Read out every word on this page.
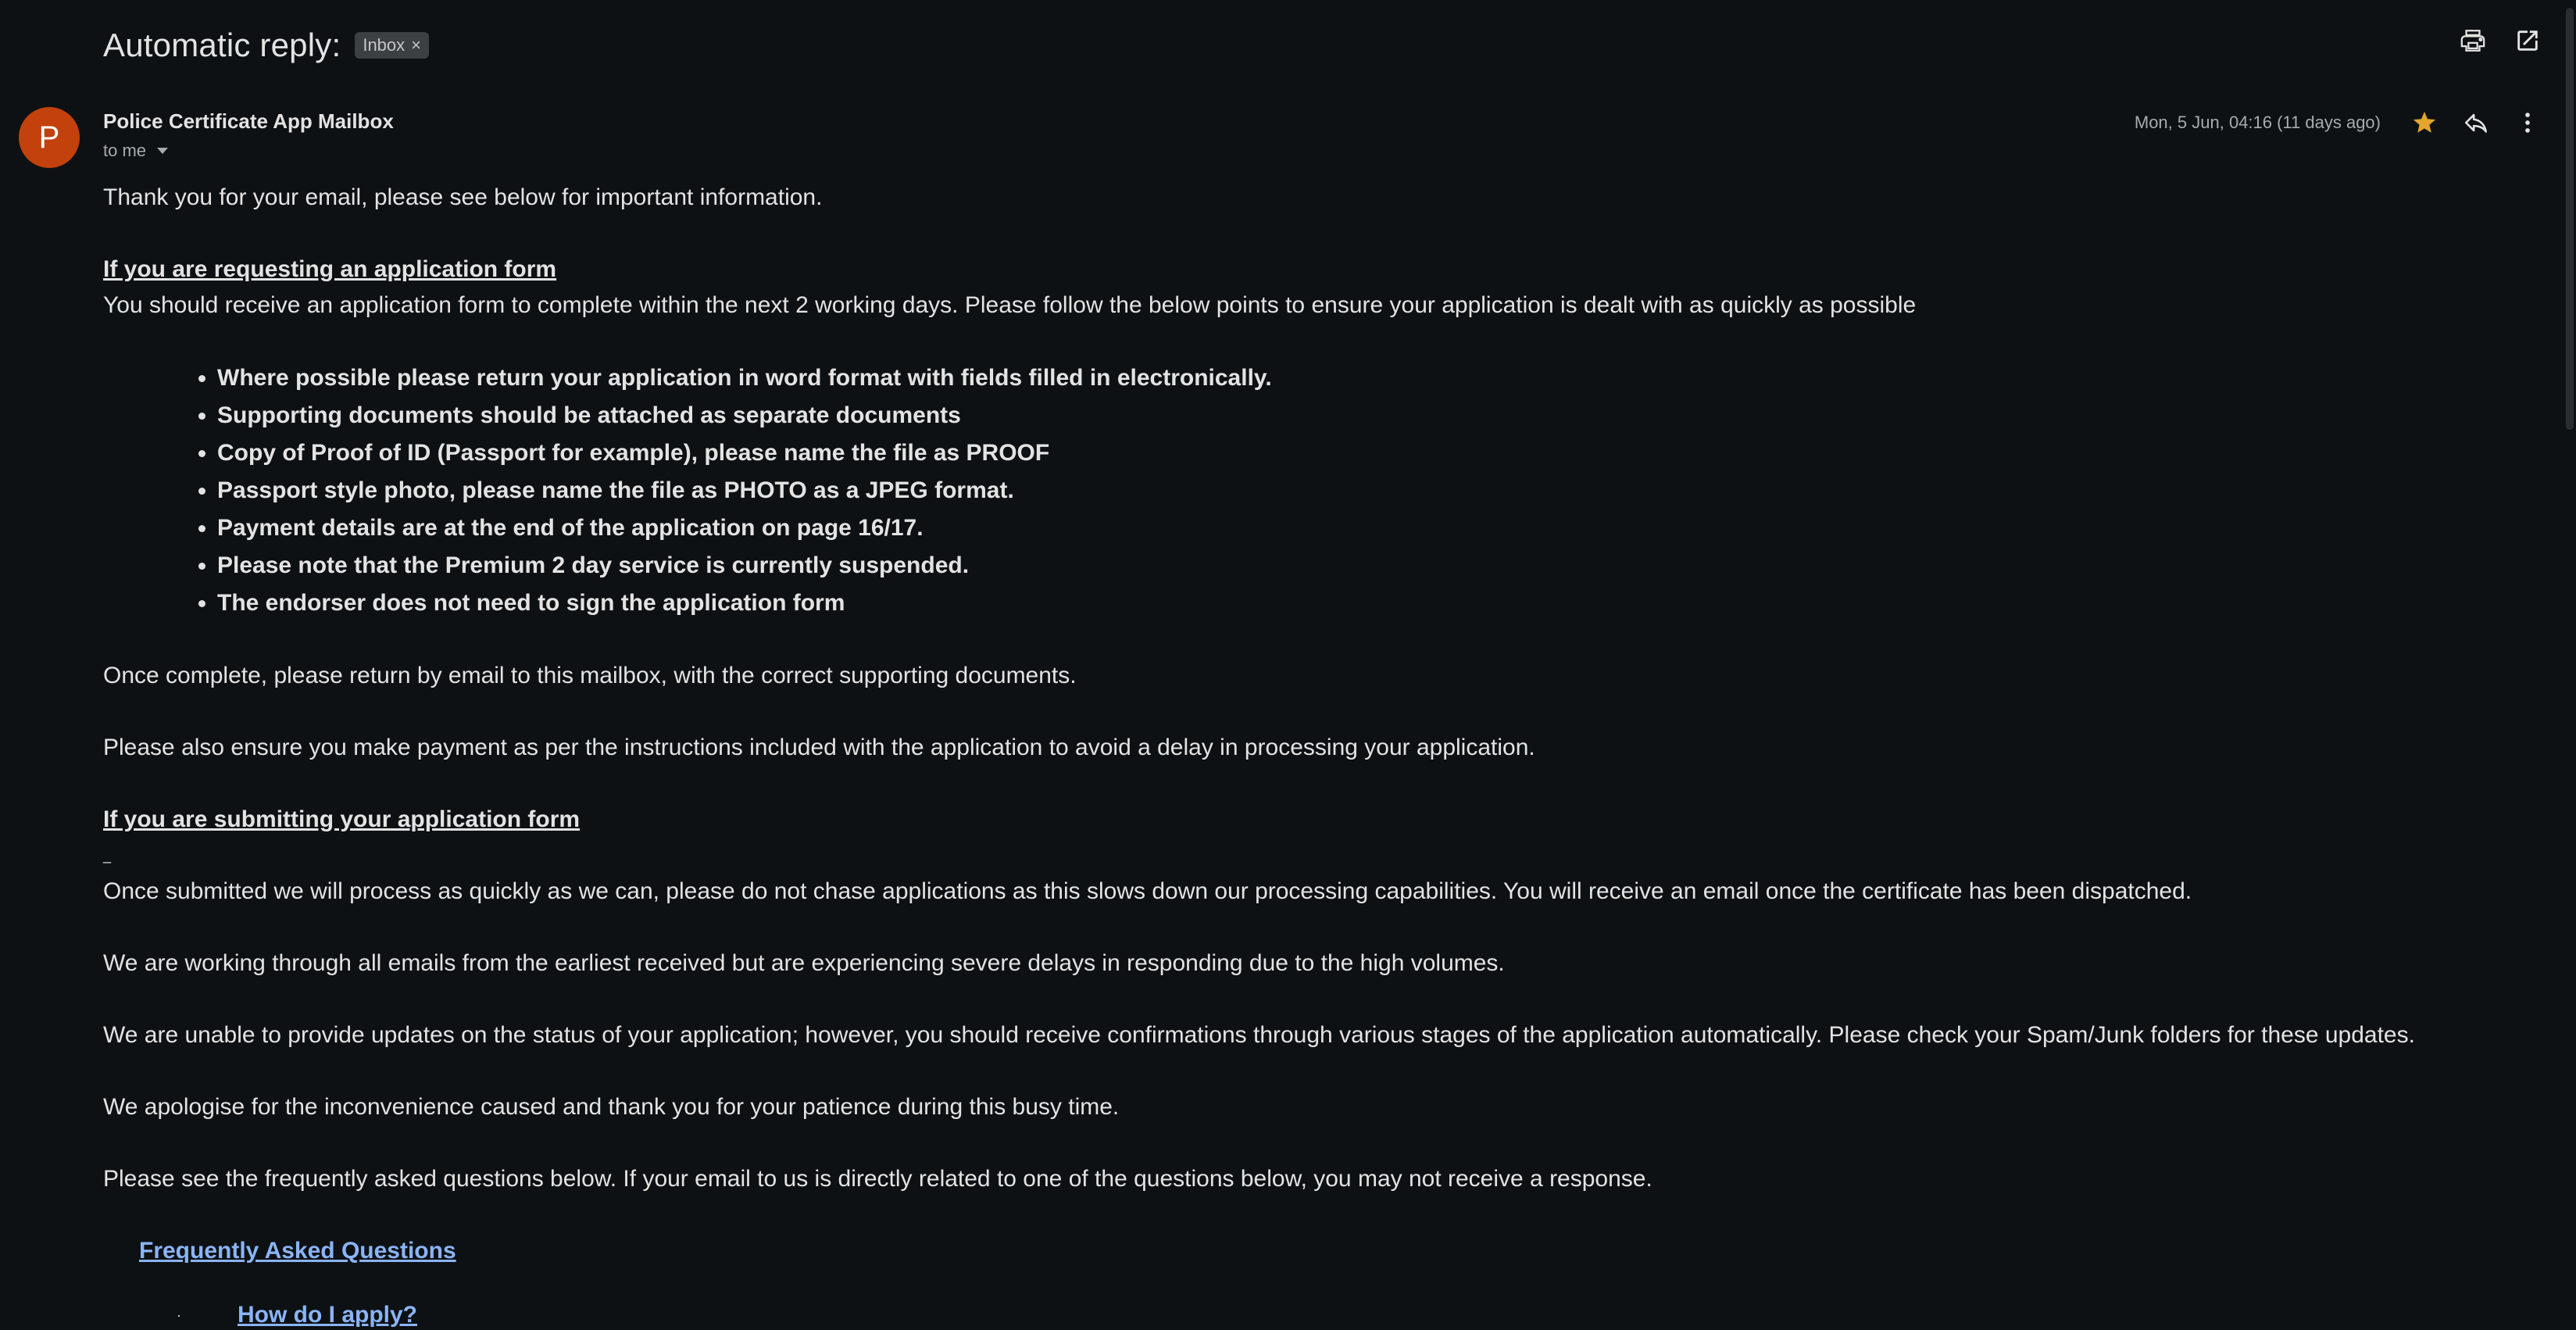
Automatic reply: Inbox ×
P Police Certificate App Mailbox
to me
Mon, 5 Jun, 04:16 (11 days ago)

Thank you for your email, please see below for important information.

If you are requesting an application form

You should receive an application form to complete within the next 2 working days. Please follow the below points to ensure your application is dealt with as quickly as possible

• Where possible please return your application in word format with fields filled in electronically.
• Supporting documents should be attached as separate documents
• Copy of Proof of ID (Passport for example), please name the file as PROOF
• Passport style photo, please name the file as PHOTO as a JPEG format.
• Payment details are at the end of the application on page 16/17.
• Please note that the Premium 2 day service is currently suspended.
• The endorser does not need to sign the application form

Once complete, please return by email to this mailbox, with the correct supporting documents.

Please also ensure you make payment as per the instructions included with the application to avoid a delay in processing your application.

If you are submitting your application form

_

Once submitted we will process as quickly as we can, please do not chase applications as this slows down our processing capabilities. You will receive an email once the certificate has been dispatched.

We are working through all emails from the earliest received but are experiencing severe delays in responding due to the high volumes.

We are unable to provide updates on the status of your application; however, you should receive confirmations through various stages of the application automatically. Please check your Spam/Junk folders for these updates.

We apologise for the inconvenience caused and thank you for your patience during this busy time.

Please see the frequently asked questions below. If your email to us is directly related to one of the questions below, you may not receive a response.

Frequently Asked Questions

· How do I apply?
